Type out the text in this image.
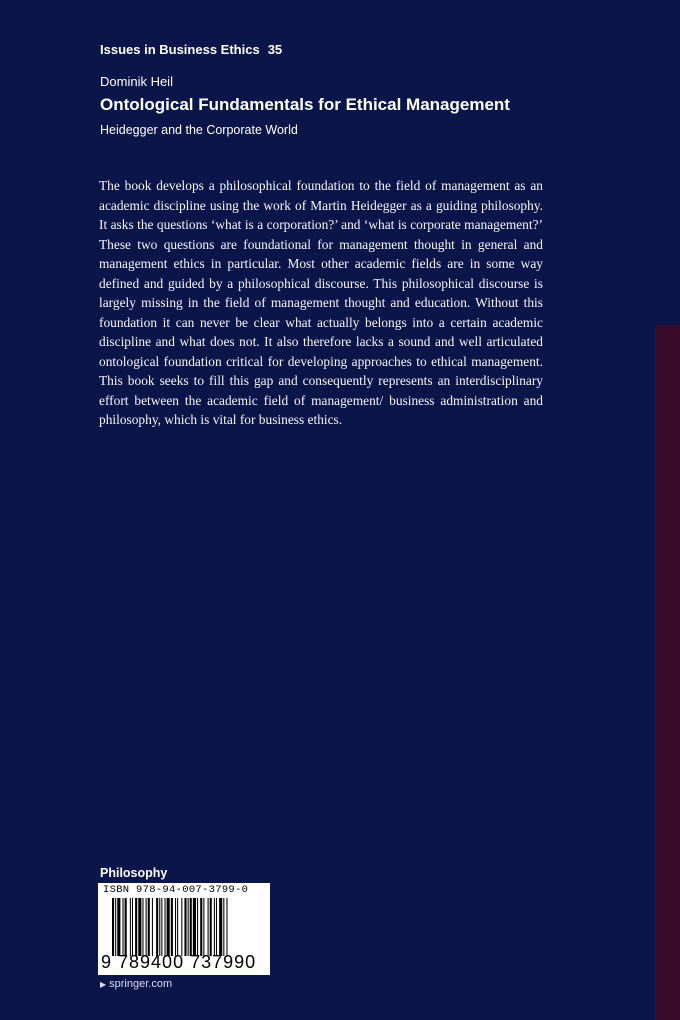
Issues in Business Ethics 35
Dominik Heil
Ontological Fundamentals for Ethical Management
Heidegger and the Corporate World
The book develops a philosophical foundation to the field of management as an academic discipline using the work of Martin Heidegger as a guiding philosophy. It asks the questions ‘what is a corporation?’ and ‘what is corporate management?’ These two questions are foundational for management thought in general and management ethics in particular. Most other academic fields are in some way defined and guided by a philosophical discourse. This philosophical discourse is largely missing in the field of management thought and education. Without this foundation it can never be clear what actually belongs into a certain academic discipline and what does not. It also therefore lacks a sound and well articulated ontological foundation critical for developing approaches to ethical management. This book seeks to fill this gap and consequently represents an interdisciplinary effort between the academic field of management/ business administration and philosophy, which is vital for business ethics.
Philosophy
ISBN 978-94-007-3799-0
9 789400 737990
▶ springer.com
